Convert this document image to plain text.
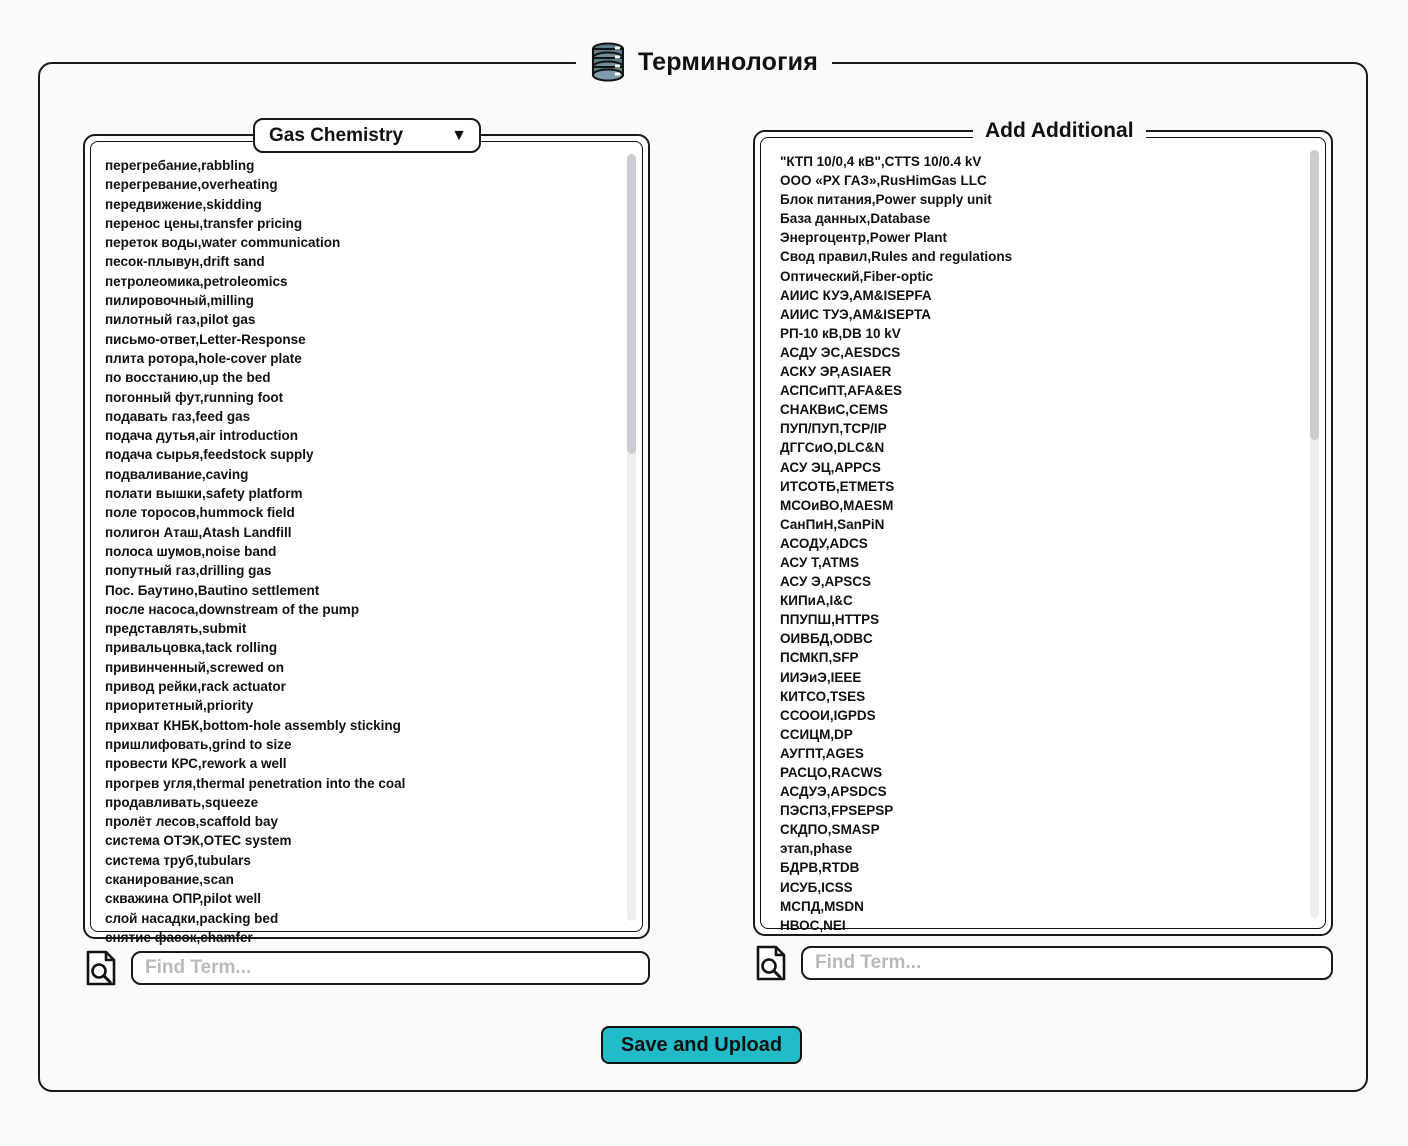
Терминология
перегребание,rabbling
перегревание,overheating
передвижение,skidding
перенос цены,transfer pricing
переток воды,water communication
песок-плывун,drift sand
петролеомика,petroleomics
пилировочный,milling
пилотный газ,pilot gas
письмо-ответ,Letter-Response
плита ротора,hole-cover plate
по восстанию,up the bed
погонный фут,running foot
подавать газ,feed gas
подача дутья,air introduction
подача сырья,feedstock supply
подваливание,caving
полати вышки,safety platform
поле торосов,hummock field
полигон Аташ,Atash Landfill
полоса шумов,noise band
попутный газ,drilling gas
Пос. Баутино,Bautino settlement
после насоса,downstream of the pump
представлять,submit
привальцовка,tack rolling
привинченный,screwed on
привод рейки,rack actuator
приоритетный,priority
прихват КНБК,bottom-hole assembly sticking
пришлифовать,grind to size
провести КРС,rework a well
прогрев угля,thermal penetration into the coal
продавливать,squeeze
пролёт лесов,scaffold bay
система ОТЭК,OTEC system
система труб,tubulars
сканирование,scan
скважина ОПР,pilot well
слой насадки,packing bed
снятие фасок,chamfer
Gas Chemistry	▼
Find Term...
"КТП 10/0,4 кВ",CTTS 10/0.4 kV
ООО «РХ ГАЗ»,RusHimGas LLC
Блок питания,Power supply unit
База данных,Database
Энергоцентр,Power Plant
Свод правил,Rules and regulations
Оптический,Fiber-optic
АИИС КУЭ,AM&ISEPFA
АИИС ТУЭ,AM&ISEPTA
РП-10 кВ,DB 10 kV
АСДУ ЭС,AESDCS
АСКУ ЭР,ASIAER
АСПСиПТ,AFA&ES
СНАКВиС,CEMS
ПУП/ПУП,TCP/IP
ДГГСиО,DLC&N
АСУ ЭЦ,APPCS
ИТСОТБ,ETMETS
МСОиВО,MAESM
СанПиН,SanPiN
АСОДУ,ADCS
АСУ Т,ATMS
АСУ Э,APSCS
КИПиА,I&C
ППУПШ,HTTPS
ОИВБД,ODBC
ПСМКП,SFP
ИИЭиЭ,IEEE
КИТСО,TSES
ССООИ,IGPDS
ССИЦМ,DP
АУГПТ,AGES
РАСЦО,RACWS
АСДУЭ,APSDCS
ПЭСПЗ,FPSEPSP
СКДПО,SMASP
этап,phase
БДРВ,RTDB
ИСУБ,ICSS
МСПД,MSDN
НВОС,NEI
Add Additional
Find Term...
Save and Upload
